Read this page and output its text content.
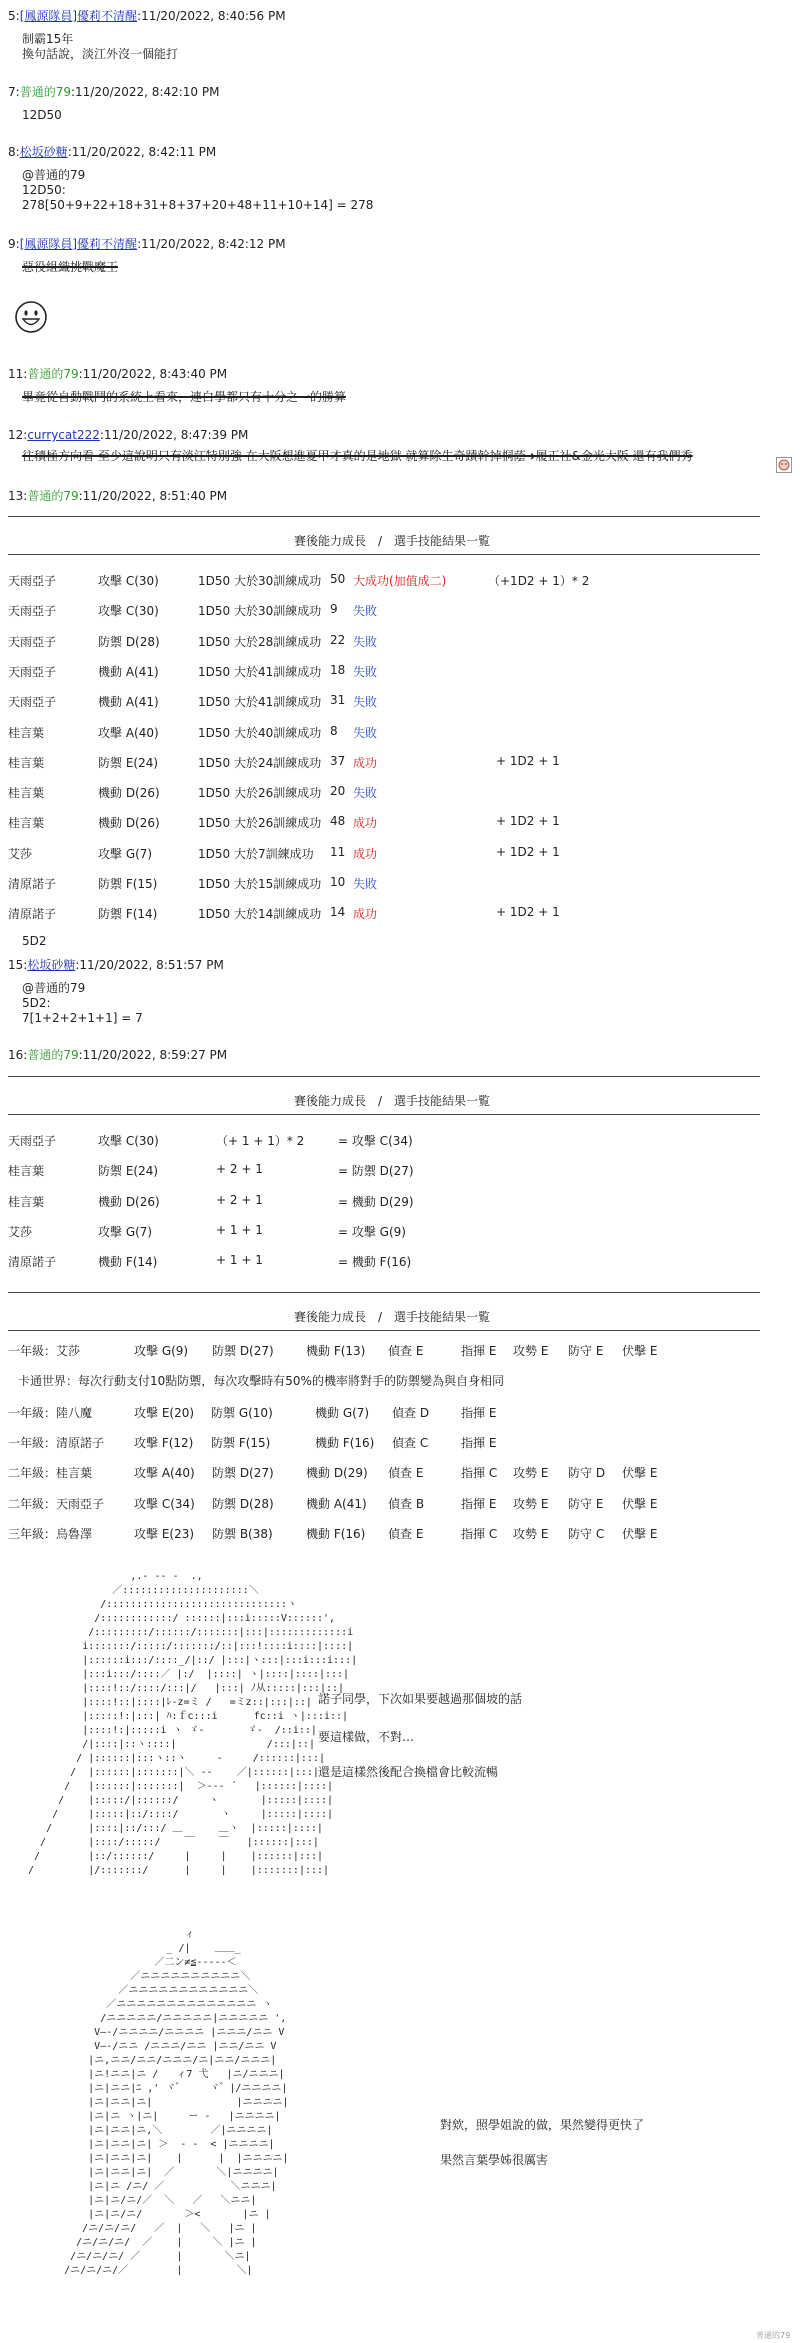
5:[鳳源隊員]優莉不清醒:11/20/2022, 8:40:56 PM
制霸15年
換句話說，淡江外沒一個能打
7:普通的79:11/20/2022, 8:42:10 PM
12D50
8:松坂砂糖:11/20/2022, 8:42:11 PM
@普通的79
12D50:
278[50+9+22+18+31+8+37+20+48+11+10+14] = 278
9:[鳳源隊員]優莉不清醒:11/20/2022, 8:42:12 PM
惡役組織挑戰魔王
11:普通的79:11/20/2022, 8:43:40 PM
畢竟從自動戰鬥的系統上看來，連白學都只有十分之一的勝算
12:currycat222:11/20/2022, 8:47:39 PM
往積極方向看 至少這說明只有淡江特別強 在大阪想進夏甲才真的是地獄 就算除生奇蹟幹掉桐蔭➜履正社&金光大阪 還有我們秀
13:普通的79:11/20/2022, 8:51:40 PM
賽後能力成長　/　選手技能結果一覧
天雨亞子	攻擊 C(30)	1D50 大於30訓練成功 50 大成功(加值成二)	（+1D2 + 1）* 2
天雨亞子	攻擊 C(30)	1D50 大於30訓練成功 9 失敗
天雨亞子	防禦 D(28)	1D50 大於28訓練成功 22 失敗
天雨亞子	機動 A(41)	1D50 大於41訓練成功 18 失敗
天雨亞子	機動 A(41)	1D50 大於41訓練成功 31 失敗
桂言葉	攻擊 A(40)	1D50 大於40訓練成功 8 失敗
桂言葉	防禦 E(24)	1D50 大於24訓練成功 37 成功	+ 1D2 + 1
桂言葉	機動 D(26)	1D50 大於26訓練成功 20 失敗
桂言葉	機動 D(26)	1D50 大於26訓練成功 48 成功	+ 1D2 + 1
艾莎	攻擊 G(7)	1D50 大於7訓練成功 11 成功	+ 1D2 + 1
清原諾子	防禦 F(15)	1D50 大於15訓練成功 10 失敗
清原諾子	防禦 F(14)	1D50 大於14訓練成功 14 成功	+ 1D2 + 1
5D2
15:松坂砂糖:11/20/2022, 8:51:57 PM
@普通的79
5D2:
7[1+2+2+1+1] = 7
16:普通的79:11/20/2022, 8:59:27 PM
賽後能力成長　/　選手技能結果一覧
天雨亞子	攻擊 C(30)	（+ 1 + 1）* 2	= 攻擊 C(34)
桂言葉	防禦 E(24)	+ 2 + 1	= 防禦 D(27)
桂言葉	機動 D(26)	+ 2 + 1	= 機動 D(29)
艾莎	攻擊 G(7)	+ 1 + 1	= 攻擊 G(9)
清原諾子	機動 F(14)	+ 1 + 1	= 機動 F(16)
賽後能力成長　/　選手技能結果一覧
一年級：艾莎	攻擊 G(9) 防禦 D(27)	機動 F(13) 偵查 E	指揮 E 攻勢 E 防守 E 伏擊 E
一年級：陸八魔	攻擊 E(20) 防禦 G(10)	機動 G(7) 偵查 D	指揮 E
一年級：清原諾子 攻擊 F(12) 防禦 F(15)	機動 F(16) 偵查 C	指揮 E
二年級：桂言葉	攻擊 A(40) 防禦 D(27)	機動 D(29) 偵查 E	指揮 C 攻勢 E 防守 D 伏擊 E
二年級：天雨亞子 攻擊 C(34) 防禦 D(28)	機動 A(41) 偵查 B	指揮 E 攻勢 E 防守 E 伏擊 E
三年級：烏魯澤	攻擊 E(23) 防禦 B(38)	機動 F(16) 偵查 E	指揮 C 攻勢 E 防守 C 伏擊 E
卡通世界：每次行動支付10點防禦，每次攻擊時有50%的機率將對手的防禦變為與自身相同
,.- ‐‐ -  .,
／:::::::::::::::::::::＼
/::::::::::::::::::::::::::::::ヽ
/::::::::::::/ ::::::|:::i:::::V::::::',
/:::::::::/::::::/:::::::|:::|:::::::::::::i
i:::::::/:::::/:::::::/::|:::!::::i::::|::::|
|::::::i:::/::::_/|::/ |:::|ヽ:::|:::i:::i:::|
|:::i:::/::::／ |:/  |::::| ヽ|::::|::::|:::|
|::::!::/::::/:::|/   |:::| ﾉ从:::::|:::|::|
|::::!::|::::|ﾚ‐z=ミ /   =ミz::|:::|::|
|:::::!:|:::| ﾊ:ｆc:::i      fc::i ヽ|:::i::|
|::::!:|:::::i ヽ ゞ-       ゞ-  /::i::|
/|::::|::ヽ::::|               /:::|::|
/ |::::::|:::ヽ::ヽ     ‐     /::::::|:::|
/  |::::::|:::::::|＼ ‐‐    ／|::::::|:::|
/   |::::::|:::::::|  ＞--‐ ´   |::::::|::::|
/    |:::::/|::::::/     ヽ       |:::::|::::|
/     |:::::|::/::::/       ヽ     |:::::|::::|
/      |::::|::/:::/ ＿      ＿ヽ  |:::::|::::|
/       |::::/:::::/    ￣    ￣   |::::::|:::|
/        |::/::::::/     |     |    |::::::|:::|
/         |/:::::::/      |     |    |:::::::|:::|

諾子同學，下次如果要越過那個坡的話
要這樣做，不對…
還是這樣然後配合換檔會比較流暢
ィ
_ /|    ＿＿_
／二ン≠≦‐‐‐‐‐＜
／ニニニニニニニニニニ＼
／ニニニニニニニニニニニニ＼
／ニニニニニニニニニニニニニニ ヽ
/ニニニニニ/ニニニニニ|ニニニニニ ',
V―‐/ニニニニ/ニニニニ |ニニニ/ニニ V
V―‐/ニニ /ニニニ/ニニ |ニニ/ニニ V
|ニ,ニニ/ニニ/ニニニ/ニ|ニニ/ニニニ|
|ニ!ニニ|ニ /   ィ7 弋   |ニ/ニニニ|
|ニ|ニニ|ﾆ ,' ヾ゛    ヾ゛|/ニニニニ|
|ニ|ニニ|ニ|              |ニニニニ|
|ニ|ニ ヽ|ニ|     ー ‐   |ニニニニ|
|ニ|ニニ|ニ,＼        ／|ニニニニ|
|ニ|ニニ|ニ| ＞  ‐ ‐  < |ニニニニ|
|ニ|ニニ|ニ|    |      |  |ニニニニ|
|ニ|ニニ|ニ|  ／       ＼|ニニニニ|
|ニ|ニ /ニ/ ／           ＼ニニニ|
|ニ|ニ/ニ/／  ＼   ／   ＼ニニ|
|ニ|ニ/ニ/       ＞<       |ニ |
/ニ/ニ/ニ/   ／  |   ＼   |ニ |
/ニ/ニ/ニ/  ／    |     ＼ |ニ |
/ニ/ニ/ニ/ ／      |       ＼ニ|
/ニ/ニ/ニ/／        |         ＼|

對欸，照學姐說的做，果然變得更快了
果然言葉學姊很厲害
普通的79
